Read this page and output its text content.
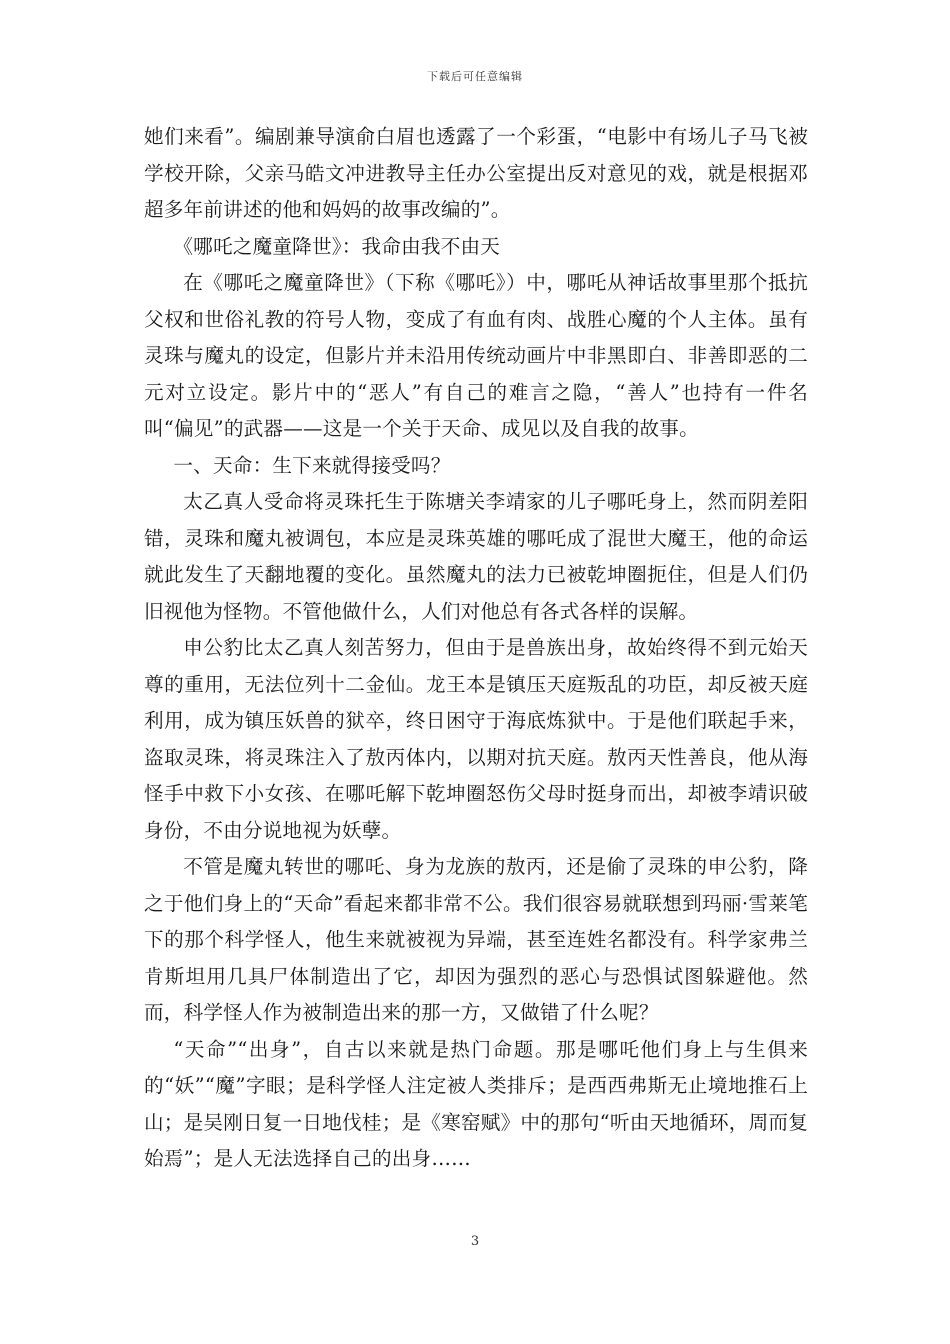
下载后可任意编辑

她们来看”。编剧兼导演俞白眉也透露了一个彩蛋，“电影中有场儿子马飞被学校开除，父亲马皓文冲进教导主任办公室提出反对意见的戏，就是根据邓超多年前讲述的他和妈妈的故事改编的”。

《哪吒之魔童降世》：我命由我不由天

在《哪吒之魔童降世》（下称《哪吒》）中，哪吒从神话故事里那个抵抗父权和世俗礼教的符号人物，变成了有血有肉、战胜心魔的个人主体。虽有灵珠与魔丸的设定，但影片并未沿用传统动画片中非黑即白、非善即恶的二元对立设定。影片中的“恶人”有自己的难言之隐，“善人”也持有一件名叫“偏见”的武器——这是一个关于天命、成见以及自我的故事。

一、天命：生下来就得接受吗？

太乙真人受命将灵珠托生于陈塘关李靖家的儿子哪吒身上，然而阴差阳错，灵珠和魔丸被调包，本应是灵珠英雄的哪吒成了混世大魔王，他的命运就此发生了天翻地覆的变化。虽然魔丸的法力已被乾坤圈扼住，但是人们仍旧视他为怪物。不管他做什么，人们对他总有各式各样的误解。

申公豹比太乙真人刻苦努力，但由于是兽族出身，故始终得不到元始天尊的重用，无法位列十二金仙。龙王本是镇压天庭叛乱的功臣，却反被天庭利用，成为镇压妖兽的狱卒，终日困守于海底炼狱中。于是他们联起手来，盗取灵珠，将灵珠注入了敖丙体内，以期对抗天庭。敖丙天性善良，他从海怪手中救下小女孩、在哪吒解下乾坤圈怒伤父母时挺身而出，却被李靖识破身份，不由分说地视为妖孽。

不管是魔丸转世的哪吒、身为龙族的敖丙，还是偷了灵珠的申公豹，降之于他们身上的“天命”看起来都非常不公。我们很容易就联想到玛丽·雪莱笔下的那个科学怪人，他生来就被视为异端，甚至连姓名都没有。科学家弗兰肯斯坦用几具尸体制造出了它，却因为强烈的恶心与恐惧试图躲避他。然而，科学怪人作为被制造出来的那一方，又做错了什么呢？

“天命”“出身”，自古以来就是热门命题。那是哪吒他们身上与生俱来的“妖”“魔”字眼；是科学怪人注定被人类排斥；是西西弗斯无止境地推石上山；是吴刚日复一日地伐桂；是《寒窑赋》中的那句“听由天地循环，周而复始焉”；是人无法选择自己的出身……

3
